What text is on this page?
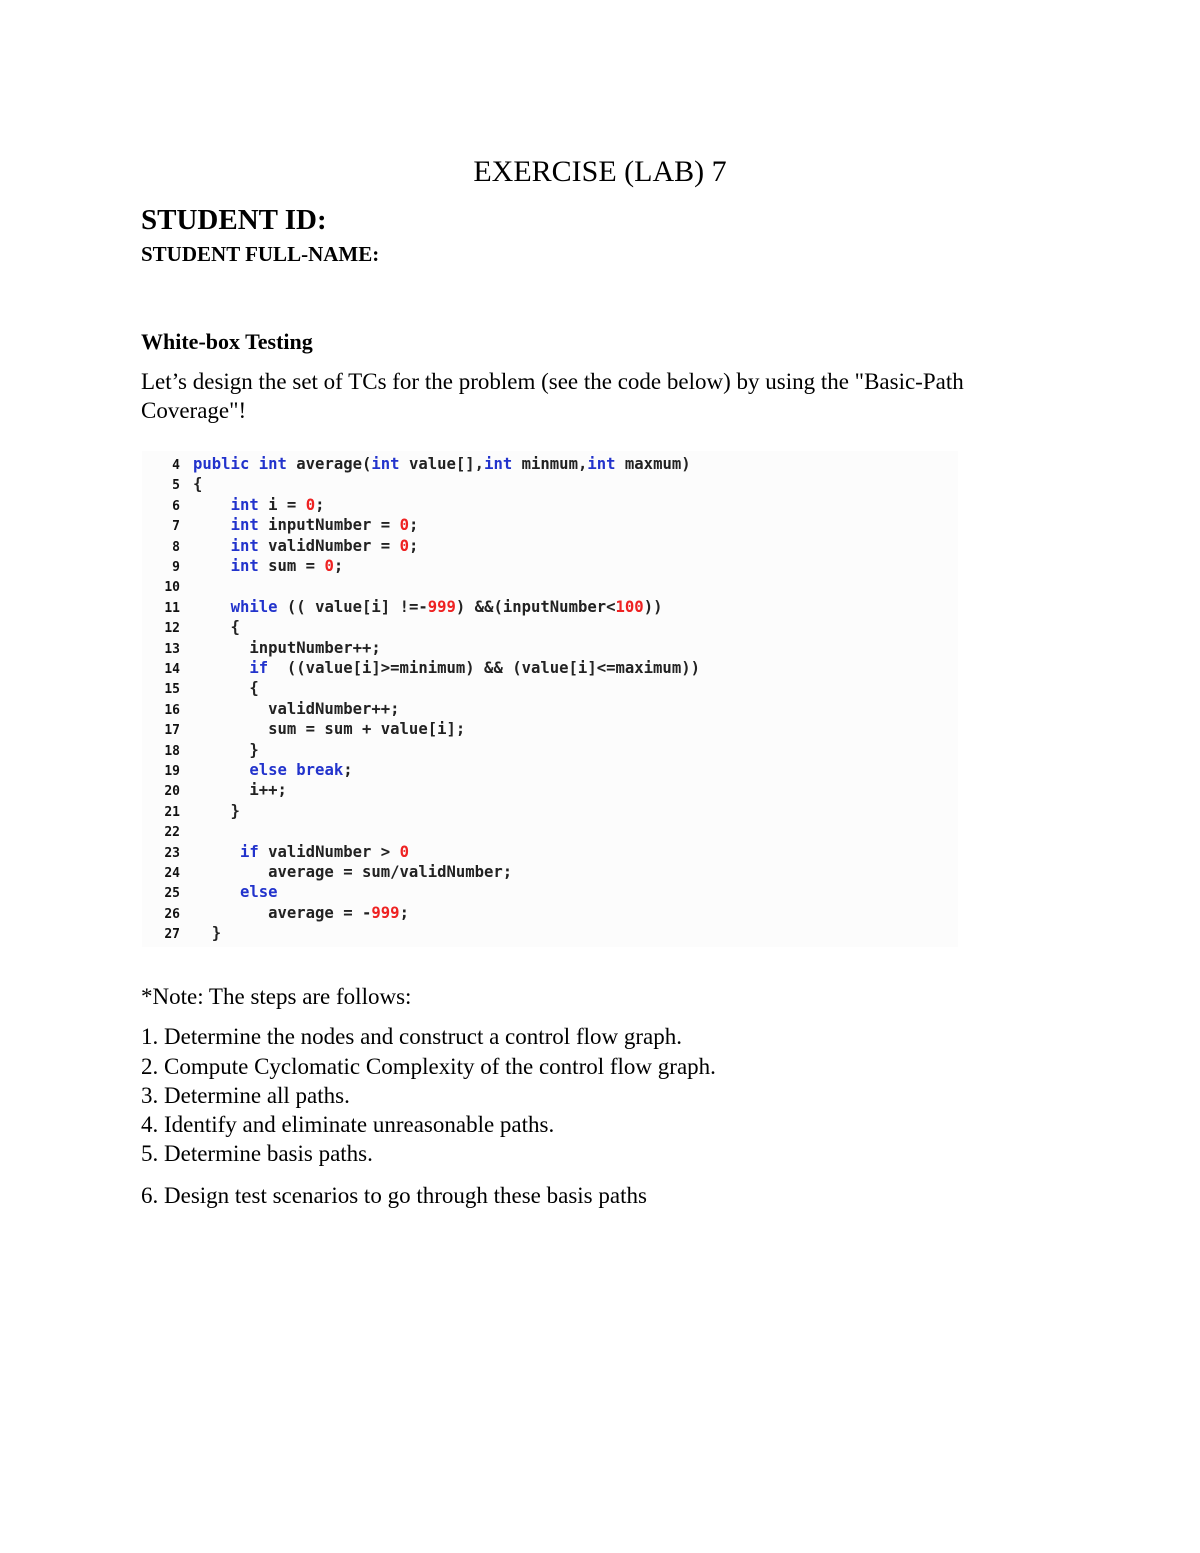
EXERCISE (LAB) 7
STUDENT ID:
STUDENT FULL-NAME:
White-box Testing
Let’s design the set of TCs for the problem (see the code below) by using the "Basic-Path Coverage"!
4 public int average(int value[],int minmum,int maxmum)
5 {
6	int i = 0;
7	int inputNumber = 0;
8	int validNumber = 0;
9	int sum = 0;
10
11	while (( value[i] !=-999) &&(inputNumber<100))
12 {
13 inputNumber++;
14	if  ((value[i]>=minimum) && (value[i]<=maximum))
15 {
16 validNumber++;
17 sum = sum + value[i];
18 }
19	else break;
20 i++;
21 }
22
23	if validNumber > 0
24 average = sum/validNumber;
25	else
26 average = -999;
27 }
*Note: The steps are follows:
1. Determine the nodes and construct a control flow graph.
2. Compute Cyclomatic Complexity of the control flow graph.
3. Determine all paths.
4. Identify and eliminate unreasonable paths.
5. Determine basis paths.
6. Design test scenarios to go through these basis paths
